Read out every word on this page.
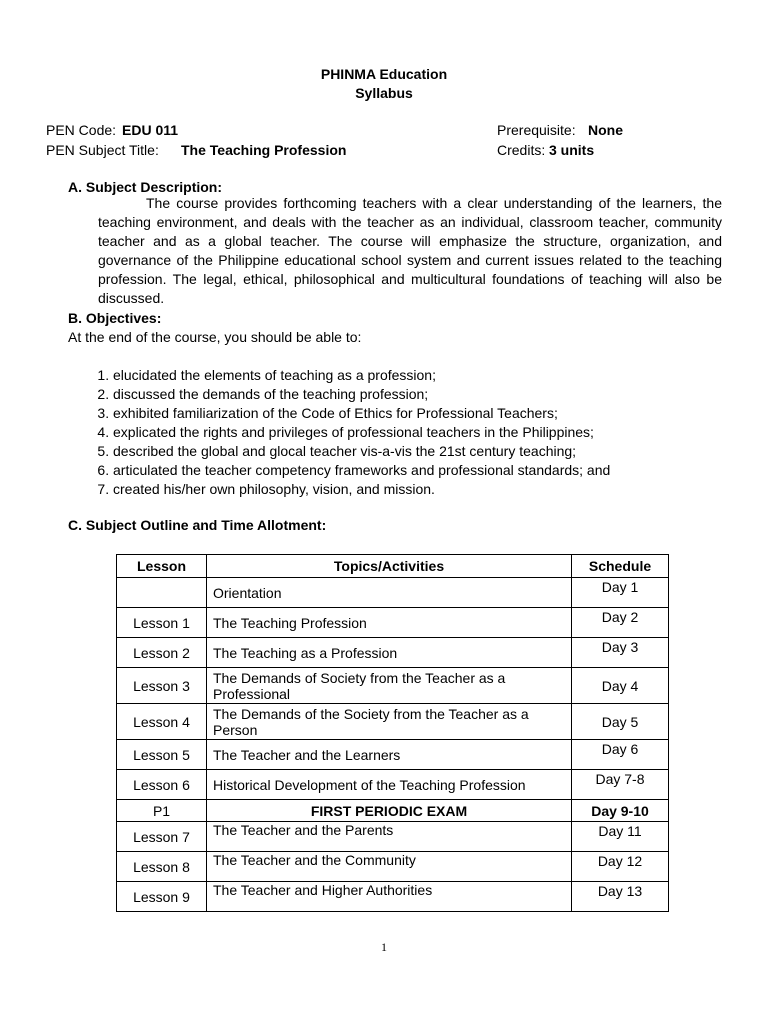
PHINMA Education
Syllabus
PEN Code: EDU 011
PEN Subject Title: The Teaching Profession
Prerequisite: None
Credits: 3 units
A. Subject Description:
The course provides forthcoming teachers with a clear understanding of the learners, the teaching environment, and deals with the teacher as an individual, classroom teacher, community teacher and as a global teacher. The course will emphasize the structure, organization, and governance of the Philippine educational school system and current issues related to the teaching profession. The legal, ethical, philosophical and multicultural foundations of teaching will also be discussed.
B. Objectives:
At the end of the course, you should be able to:
1. elucidated the elements of teaching as a profession;
2. discussed the demands of the teaching profession;
3. exhibited familiarization of the Code of Ethics for Professional Teachers;
4. explicated the rights and privileges of professional teachers in the Philippines;
5. described the global and glocal teacher vis-a-vis the 21st century teaching;
6. articulated the teacher competency frameworks and professional standards; and
7. created his/her own philosophy, vision, and mission.
C. Subject Outline and Time Allotment:
Lesson	Topics/Activities	Schedule
	Orientation	Day 1
Lesson 1	The Teaching Profession	Day 2
Lesson 2	The Teaching as a Profession	Day 3
Lesson 3	The Demands of Society from the Teacher as a Professional	Day 4
Lesson 4	The Demands of the Society from the Teacher as a Person	Day 5
Lesson 5	The Teacher and the Learners	Day 6
Lesson 6	Historical Development of the Teaching Profession	Day 7-8
P1	FIRST PERIODIC EXAM	Day 9-10
Lesson 7	The Teacher and the Parents	Day 11
Lesson 8	The Teacher and the Community	Day 12
Lesson 9	The Teacher and Higher Authorities	Day 13
1
